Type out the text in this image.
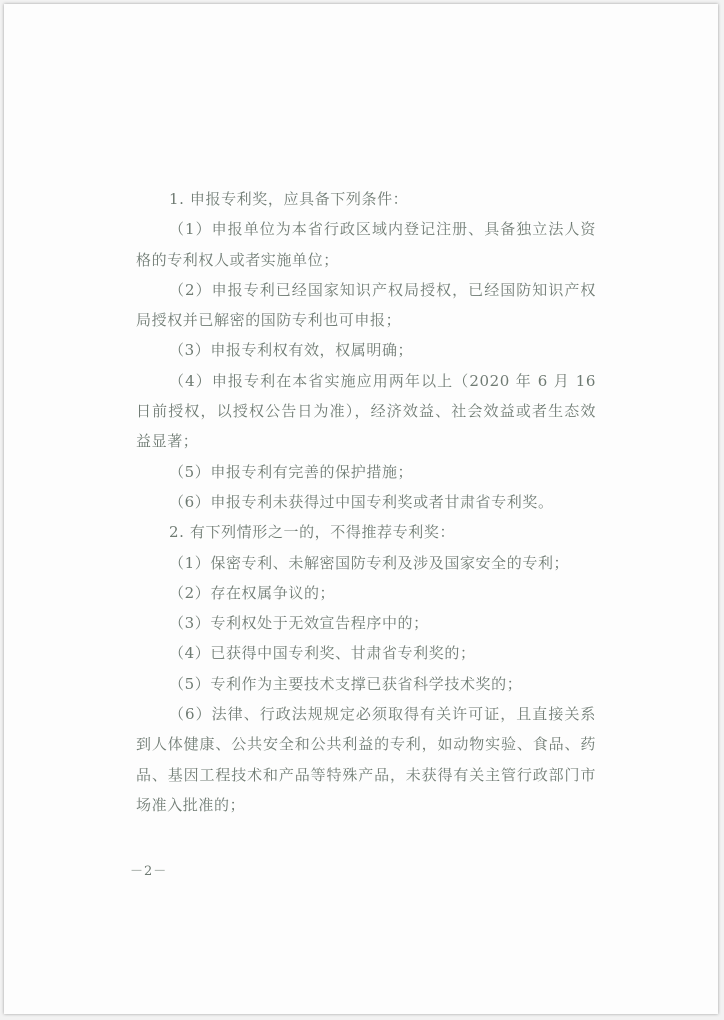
1. 申报专利奖，应具备下列条件：

（1）申报单位为本省行政区域内登记注册、具备独立法人资格的专利权人或者实施单位；

（2）申报专利已经国家知识产权局授权，已经国防知识产权局授权并已解密的国防专利也可申报；

（3）申报专利权有效，权属明确；

（4）申报专利在本省实施应用两年以上（2020 年 6 月 16 日前授权，以授权公告日为准），经济效益、社会效益或者生态效益显著；

（5）申报专利有完善的保护措施；

（6）申报专利未获得过中国专利奖或者甘肃省专利奖。

2. 有下列情形之一的，不得推荐专利奖：

（1）保密专利、未解密国防专利及涉及国家安全的专利；

（2）存在权属争议的；

（3）专利权处于无效宣告程序中的；

（4）已获得中国专利奖、甘肃省专利奖的；

（5）专利作为主要技术支撑已获省科学技术奖的；

（6）法律、行政法规规定必须取得有关许可证，且直接关系到人体健康、公共安全和公共利益的专利，如动物实验、食品、药品、基因工程技术和产品等特殊产品，未获得有关主管行政部门市场准入批准的；

－2－
